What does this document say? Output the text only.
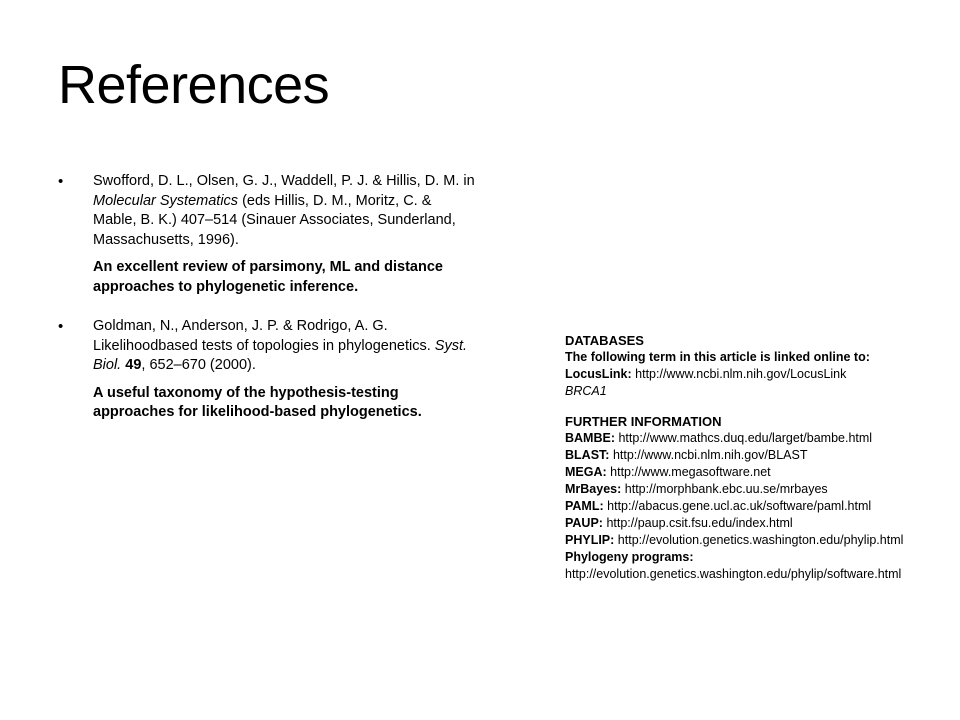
References
• Swofford, D. L., Olsen, G. J., Waddell, P. J. & Hillis, D. M. in Molecular Systematics (eds Hillis, D. M., Moritz, C. & Mable, B. K.) 407–514 (Sinauer Associates, Sunderland, Massachusetts, 1996).

An excellent review of parsimony, ML and distance approaches to phylogenetic inference.

• Goldman, N., Anderson, J. P. & Rodrigo, A. G. Likelihoodbased tests of topologies in phylogenetics. Syst. Biol. 49, 652–670 (2000).

A useful taxonomy of the hypothesis-testing approaches for likelihood-based phylogenetics.

DATABASES

The following term in this article is linked online to:

LocusLink: http://www.ncbi.nlm.nih.gov/LocusLink

BRCA1

FURTHER INFORMATION

BAMBE: http://www.mathcs.duq.edu/larget/bambe.html

BLAST: http://www.ncbi.nlm.nih.gov/BLAST

MEGA: http://www.megasoftware.net

MrBayes: http://morphbank.ebc.uu.se/mrbayes

PAML: http://abacus.gene.ucl.ac.uk/software/paml.html

PAUP: http://paup.csit.fsu.edu/index.html

PHYLIP: http://evolution.genetics.washington.edu/phylip.html

Phylogeny programs:

http://evolution.genetics.washington.edu/phylip/software.html
